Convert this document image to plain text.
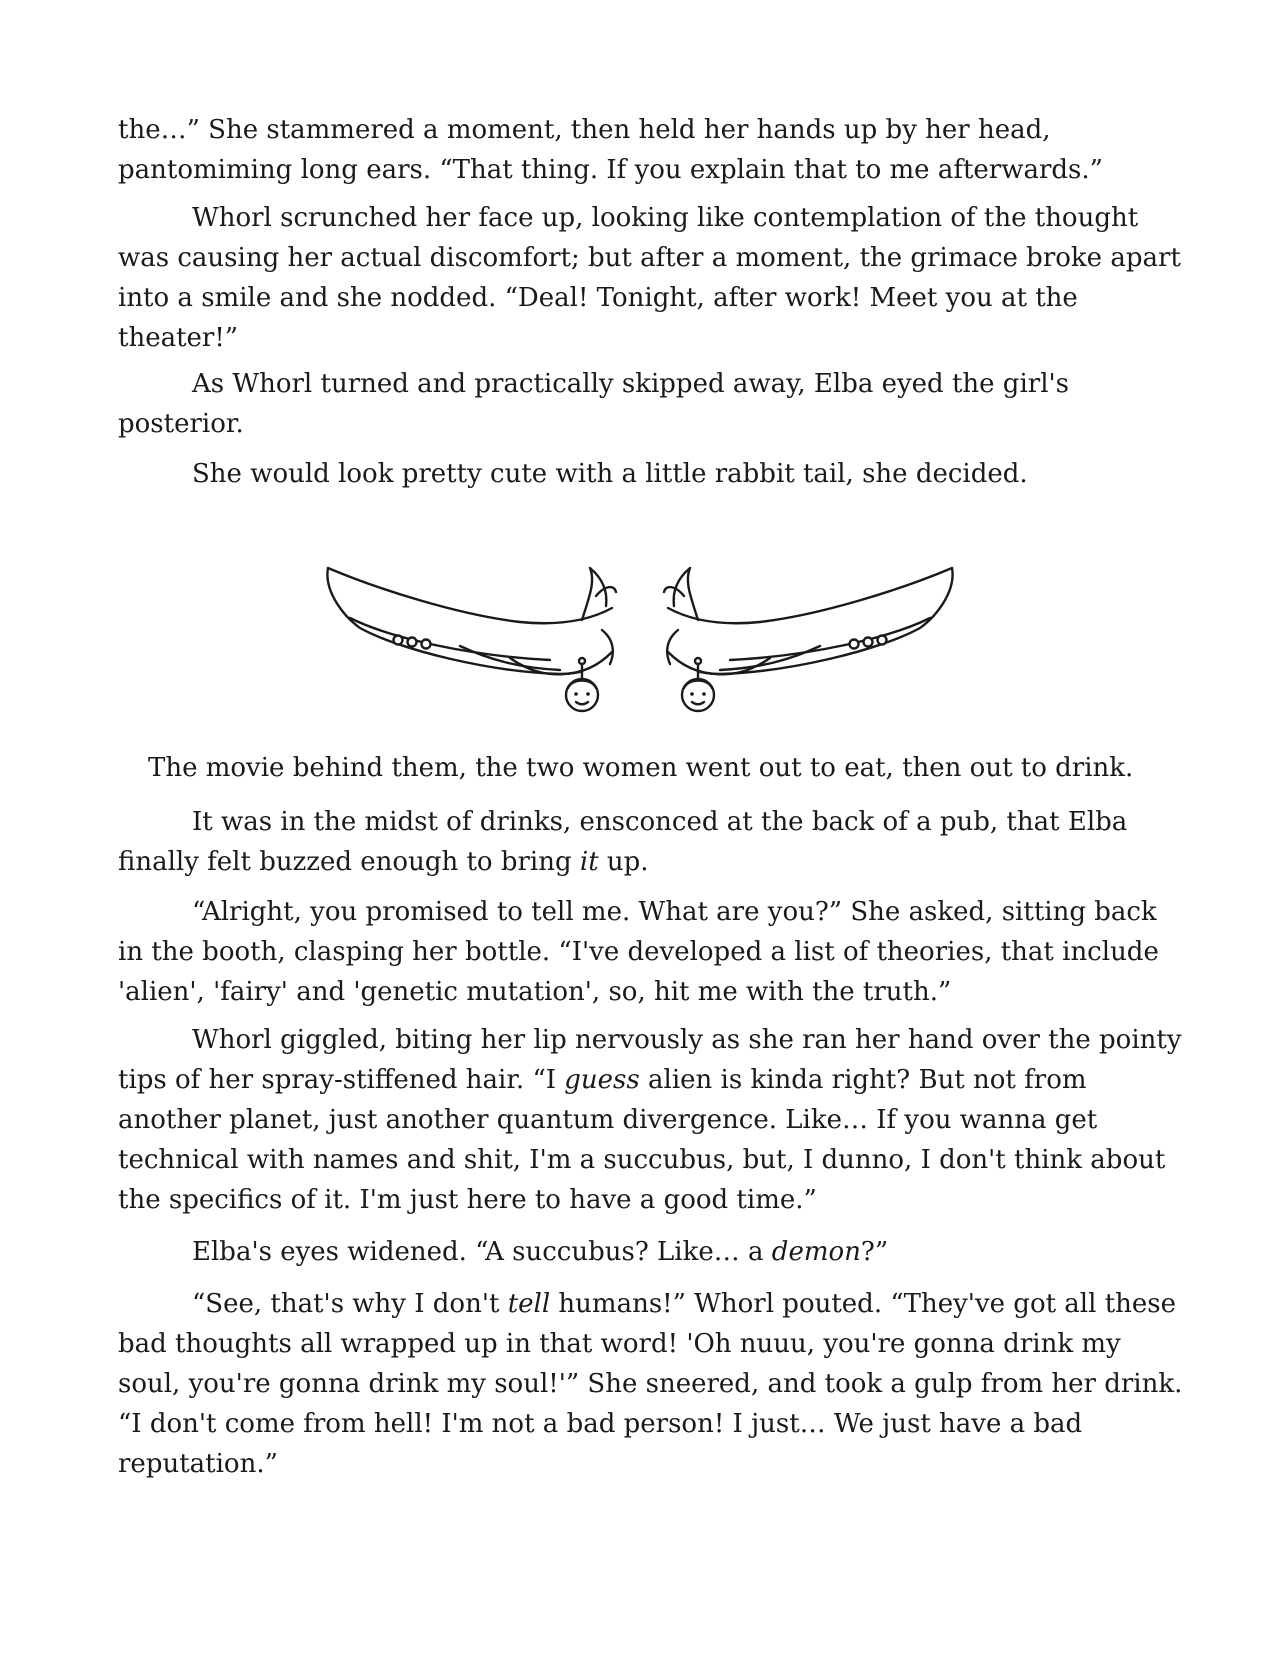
the…” She stammered a moment, then held her hands up by her head,
pantomiming long ears. “That thing. If you explain that to me afterwards.”

Whorl scrunched her face up, looking like contemplation of the thought
was causing her actual discomfort; but after a moment, the grimace broke apart
into a smile and she nodded. “Deal! Tonight, after work! Meet you at the
theater!”

As Whorl turned and practically skipped away, Elba eyed the girl's
posterior.

She would look pretty cute with a little rabbit tail, she decided.

The movie behind them, the two women went out to eat, then out to drink.

It was in the midst of drinks, ensconced at the back of a pub, that Elba
finally felt buzzed enough to bring it up.

“Alright, you promised to tell me. What are you?” She asked, sitting back
in the booth, clasping her bottle. “I've developed a list of theories, that include
'alien', 'fairy' and 'genetic mutation', so, hit me with the truth.”

Whorl giggled, biting her lip nervously as she ran her hand over the pointy
tips of her spray-stiffened hair. “I guess alien is kinda right? But not from
another planet, just another quantum divergence. Like… If you wanna get
technical with names and shit, I'm a succubus, but, I dunno, I don't think about
the specifics of it. I'm just here to have a good time.”

Elba's eyes widened. “A succubus? Like… a demon?”

“See, that's why I don't tell humans!” Whorl pouted. “They've got all these
bad thoughts all wrapped up in that word! 'Oh nuuu, you're gonna drink my
soul, you're gonna drink my soul!'” She sneered, and took a gulp from her drink.
“I don't come from hell! I'm not a bad person! I just… We just have a bad
reputation.”
